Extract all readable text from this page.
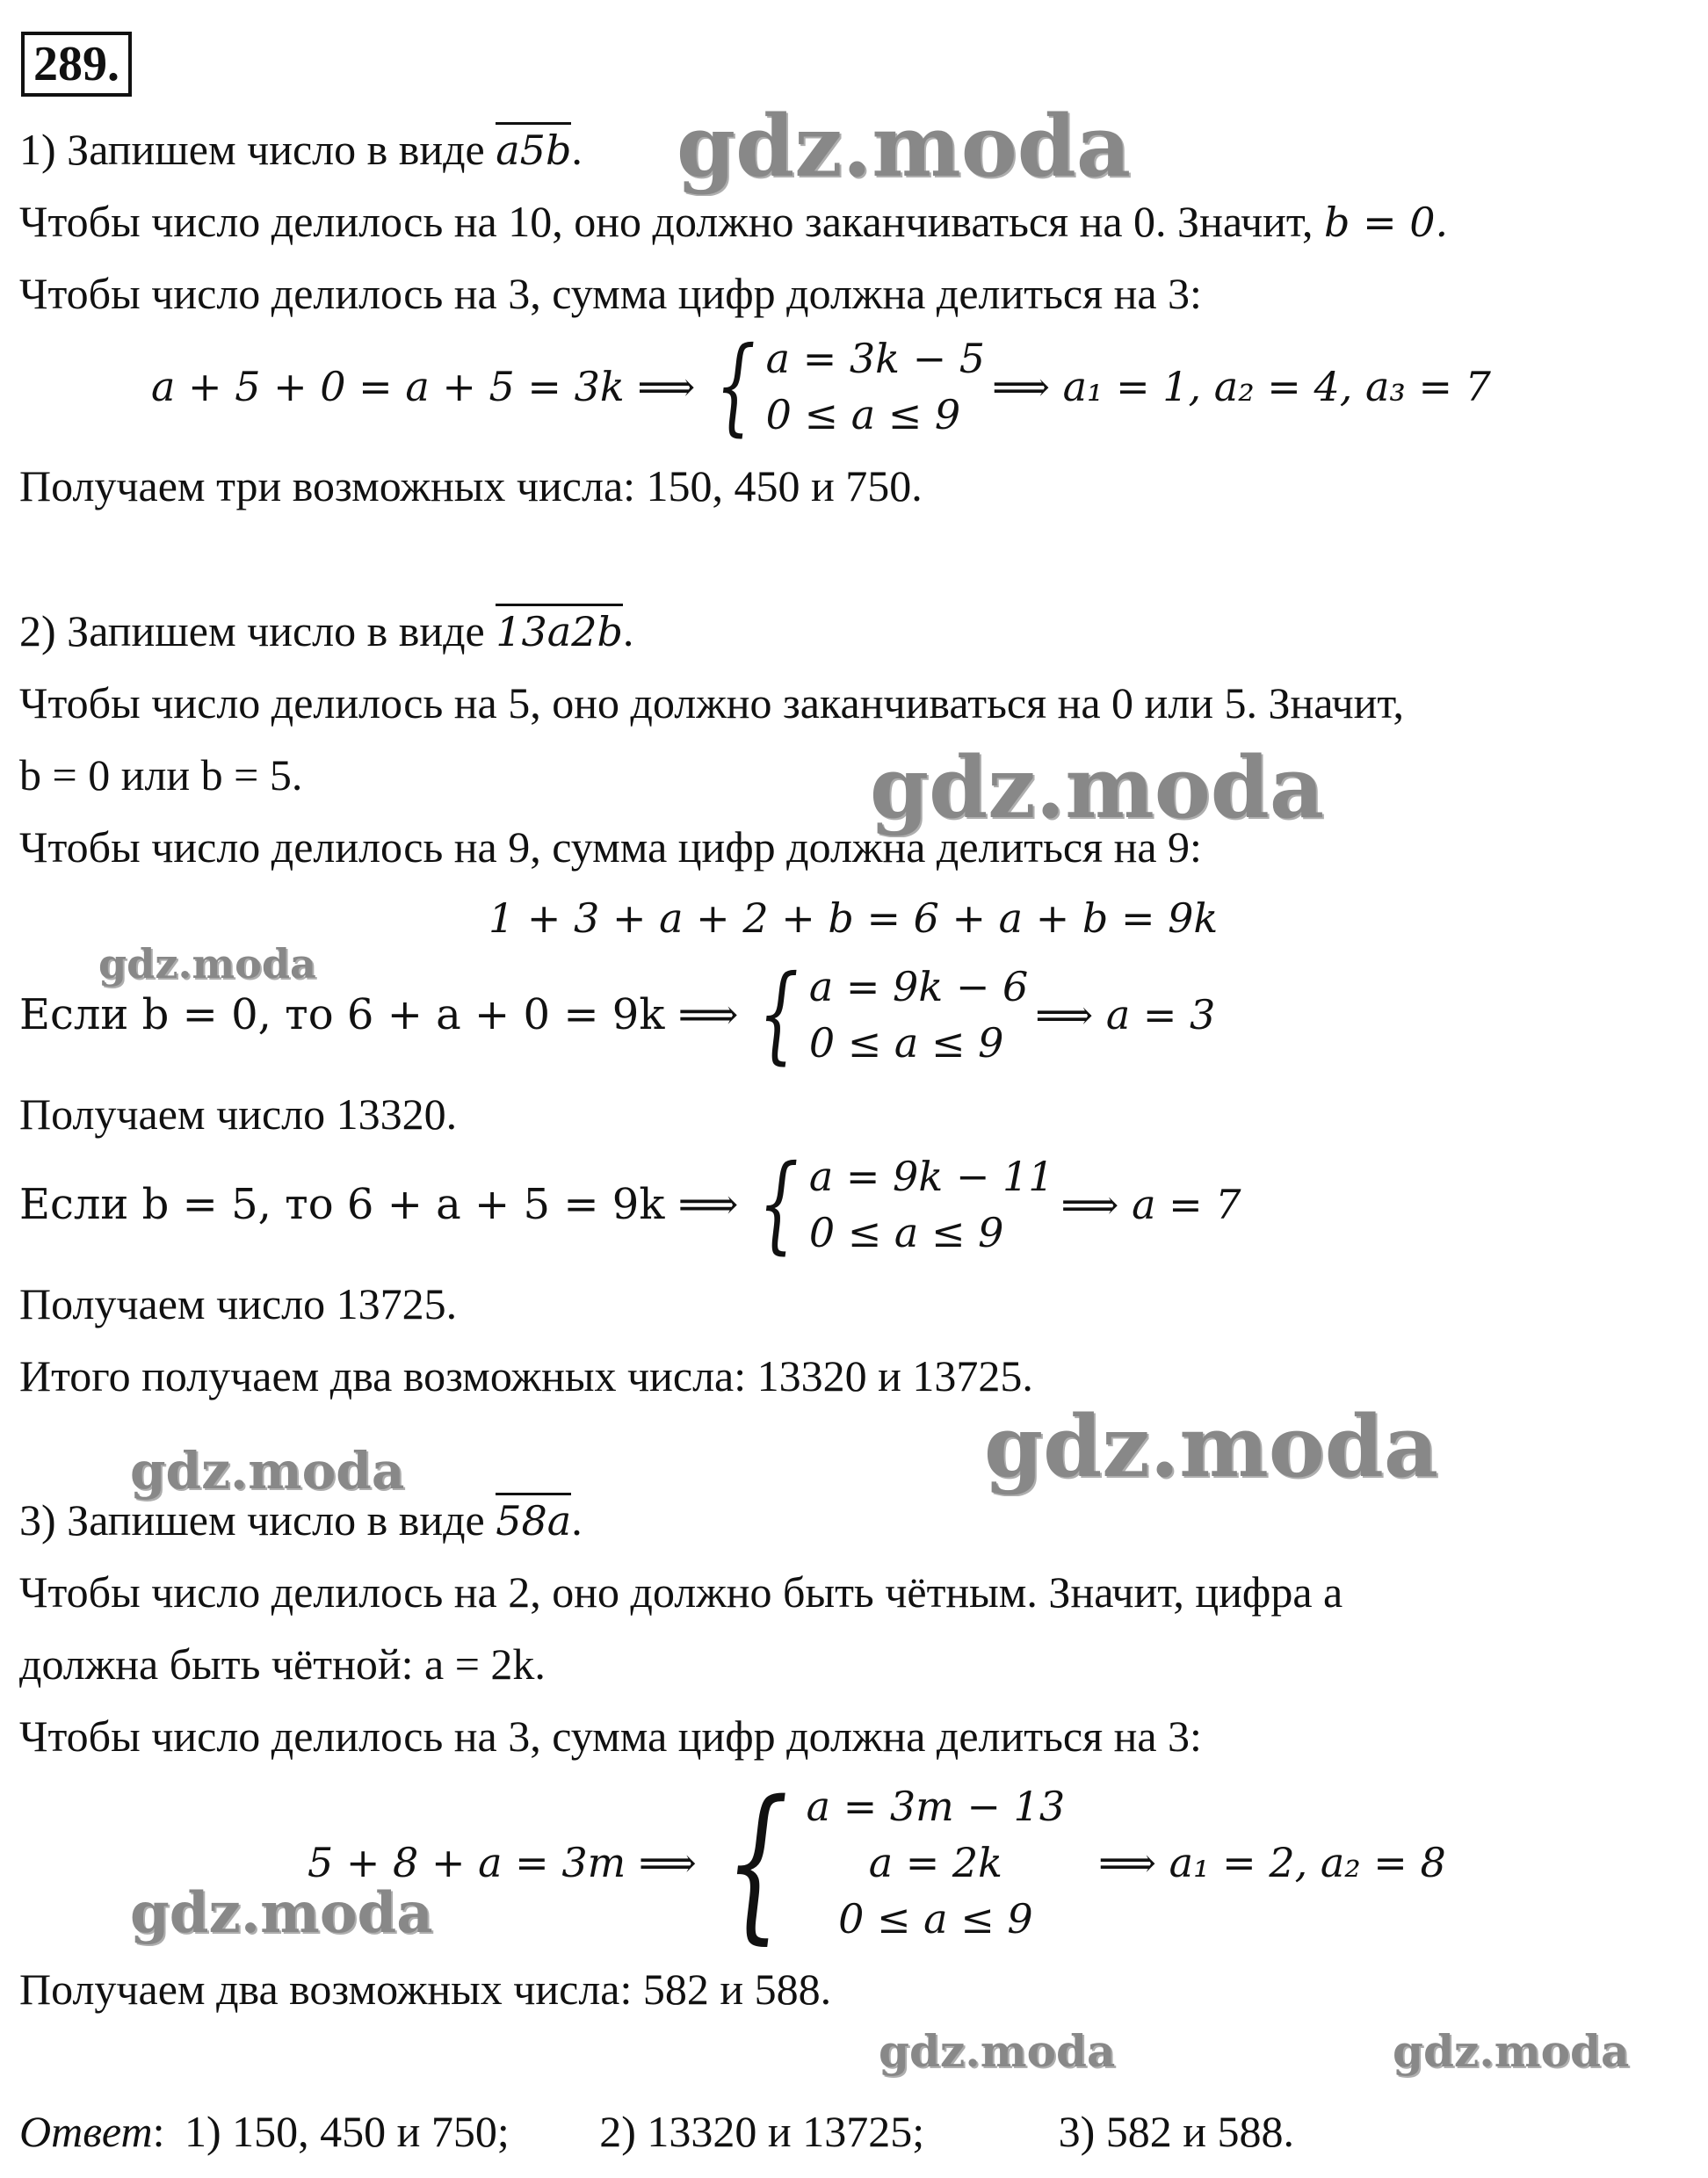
289.
1) Запишем число в виде a5b.
Чтобы число делилось на 10, оно должно заканчиваться на 0. Значит, b = 0.
Чтобы число делилось на 3, сумма цифр должна делиться на 3:
a + 5 + 0 = a + 5 = 3k ⟹ { a = 3k − 5
0 ≤ a ≤ 9
⟹ a₁ = 1, a₂ = 4, a₃ = 7
Получаем три возможных числа: 150, 450 и 750.
2) Запишем число в виде 13a2b.
Чтобы число делилось на 5, оно должно заканчиваться на 0 или 5. Значит,
b = 0 или b = 5.
Чтобы число делилось на 9, сумма цифр должна делиться на 9:
1 + 3 + a + 2 + b = 6 + a + b = 9k
Если b = 0, то 6 + a + 0 = 9k ⟹ { a = 9k − 6
0 ≤ a ≤ 9
⟹ a = 3
Получаем число 13320.
Если b = 5, то 6 + a + 5 = 9k ⟹ { a = 9k − 11
0 ≤ a ≤ 9
⟹ a = 7
Получаем число 13725.
Итого получаем два возможных числа: 13320 и 13725.
3) Запишем число в виде 58a.
Чтобы число делилось на 2, оно должно быть чётным. Значит, цифра a
должна быть чётной: a = 2k.
Чтобы число делилось на 3, сумма цифр должна делиться на 3:
5 + 8 + a = 3m ⟹ { a = 3m − 13
a = 2k
0 ≤ a ≤ 9
⟹ a₁ = 2, a₂ = 8
Получаем два возможных числа: 582 и 588.
Ответ: 1) 150, 450 и 750; 2) 13320 и 13725;	3) 582 и 588.
gdz.moda
gdz.moda
gdz.moda
gdz.moda
gdz.moda
gdz.moda
gdz.moda	gdz.moda
